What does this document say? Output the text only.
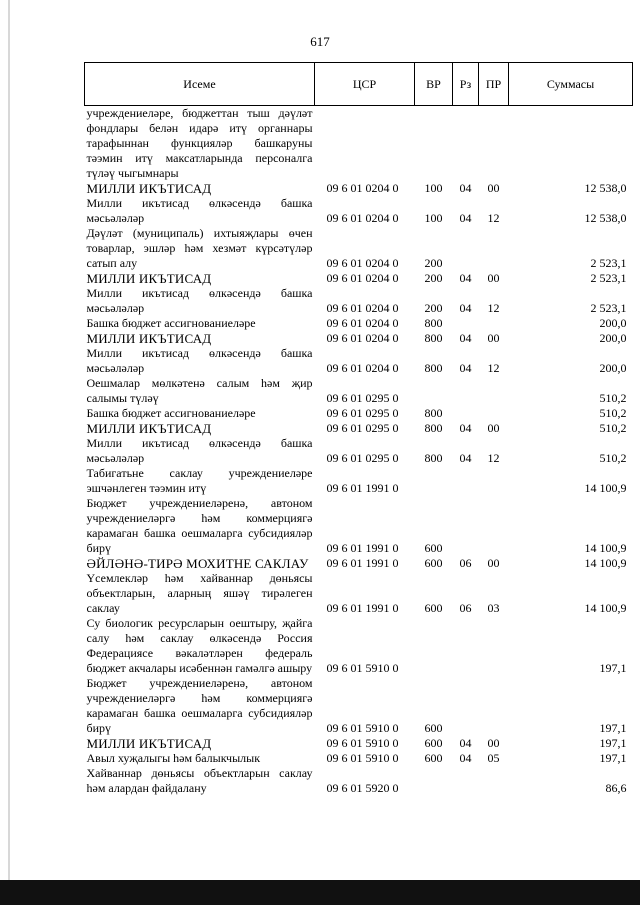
617
Исеме	ЦСР	ВР	Рз	ПР	Суммасы
учреждениеләре, бюджеттан тыш дәүләт фондлары белән идарә итү органнары тарафыннан функцияләр башкаруны тәэмин итү максатларында персоналга түләү чыгымнары					
МИЛЛИ ИКЪТИСАД	09 6 01 0204 0	100	04	00	12 538,0
Милли икътисад өлкәсендә башка мәсьәләләр	09 6 01 0204 0	100	04	12	12 538,0
Дәүләт (муниципаль) ихтыяҗлары өчен товарлар, эшләр һәм хезмәт күрсәтүләр сатып алу	09 6 01 0204 0	200			2 523,1
МИЛЛИ ИКЪТИСАД	09 6 01 0204 0	200	04	00	2 523,1
Милли икътисад өлкәсендә башка мәсьәләләр	09 6 01 0204 0	200	04	12	2 523,1
Башка бюджет ассигнованиеләре	09 6 01 0204 0	800			200,0
МИЛЛИ ИКЪТИСАД	09 6 01 0204 0	800	04	00	200,0
Милли икътисад өлкәсендә башка мәсьәләләр	09 6 01 0204 0	800	04	12	200,0
Оешмалар мөлкәтенә салым һәм җир салымы түләү	09 6 01 0295 0				510,2
Башка бюджет ассигнованиеләре	09 6 01 0295 0	800			510,2
МИЛЛИ ИКЪТИСАД	09 6 01 0295 0	800	04	00	510,2
Милли икътисад өлкәсендә башка мәсьәләләр	09 6 01 0295 0	800	04	12	510,2
Табигатьне саклау учреждениеләре эшчәнлеген тәэмин итү	09 6 01 1991 0				14 100,9
Бюджет учреждениеләренә, автоном учреждениеләргә һәм коммерциягә карамаган башка оешмаларга субсидияләр бирү	09 6 01 1991 0	600			14 100,9
ӘЙЛӘНӘ-ТИРӘ МОХИТНЕ САКЛАУ	09 6 01 1991 0	600	06	00	14 100,9
Үсемлекләр һәм хайваннар дөньясы объектларын, аларның яшәү тирәлеген саклау	09 6 01 1991 0	600	06	03	14 100,9
Су биологик ресурсларын оештыру, җайга салу һәм саклау өлкәсендә Россия Федерациясе вәкаләтләрен федераль бюджет акчалары исәбеннән гамәлгә ашыру	09 6 01 5910 0				197,1
Бюджет учреждениеләренә, автоном учреждениеләргә һәм коммерциягә карамаган башка оешмаларга субсидияләр бирү	09 6 01 5910 0	600			197,1
МИЛЛИ ИКЪТИСАД	09 6 01 5910 0	600	04	00	197,1
Авыл хуҗалыгы һәм балыкчылык	09 6 01 5910 0	600	04	05	197,1
Хайваннар дөньясы объектларын саклау һәм алардан файдалану	09 6 01 5920 0				86,6
